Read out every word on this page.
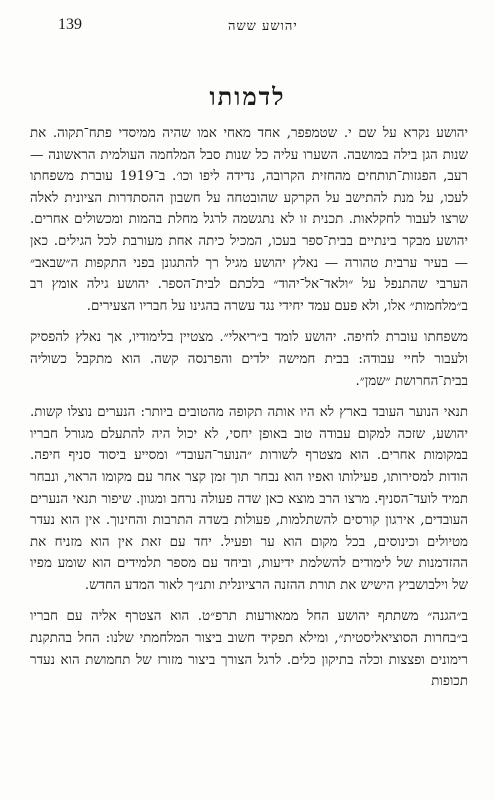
139	יהושע ששה
לדמותו

יהושע נקרא על שם י. שטמפפר, אחד מאחי אמו שהיה ממיסדי פתח־תקוה. את שנות הגן בילה במושבה. השערו עליה כל שנות סבל המלחמה העולמית הראשונה — רעב, הפגזות־תותחים מהחזית הקרובה, נדידה ליפו וכו׳. ב־1919 עוברת משפחתו לעכו, על מנת להתישב על הקרקע שהובטחה על חשבון ההסתדרות הציונית לאלה שרצו לעבור לחקלאות. תכנית זו לא נתגשמה לרגל מחלת בהמות ומכשולים אחרים. יהושע מבקר בינתיים בבית־ספר בעכו, המכיל כיתה אחת מעורבת לכל הגילים. כאן — בעיר ערבית טהורה — נאלץ יהושע מגיל רך להתגונן בפני התקפות ה״שבאב״ הערבי שהתנפל על ״ולאד־אל־יהוד״ בלכתם לבית־הספר. יהושע גילה אומץ רב ב״מלחמות״ אלו, ולא פעם עמד יחידי נגד עשרה בהגינו על חבריו הצעירים.

משפחתו עוברת לחיפה. יהושע לומד ב״ריאלי״. מצטיין בלימודיו, אך נאלץ להפסיק ולעבור לחיי עבודה: בבית חמישה ילדים והפרנסה קשה. הוא מתקבל כשוליה בבית־החרושת ״שמן״.

תנאי הנוער העובד בארץ לא היו אותה תקופה מהטובים ביותר: הנערים נוצלו קשות. יהושע, שזכה למקום עבודה טוב באופן יחסי, לא יכול היה להתעלם מגורל חבריו במקומות אחרים. הוא מצטרף לשורות ״הנוער־העובד״ ומסייע ביסוד סניף חיפה. הודות למסירותו, פעילותו ואפיו הוא נבחר תוך זמן קצר אחר עם מקומו הראוי, ונבחר תמיד לועד־הסניף. מרצו הרב מוצא כאן שדה פעולה נרחב ומגוון. שיפור תנאי הנערים העובדים, אירגון קורסים להשתלמות, פעולות בשדה התרבות והחינוך. אין הוא נעדר מטיולים וכינוסים, בכל מקום הוא ער ופעיל. יחד עם זאת אין הוא מזניח את ההזדמנות של לימודים להשלמת ידיעות, וביחד עם מספר תלמידים הוא שומע מפיו של וילבושביץ הישיש את תורת ההזנה הרציונלית ותנ״ך לאור המדע החדש.

ב״הגנה״ משתתף יהושע החל ממאורעות תרפ״ט. הוא הצטרף אליה עם חבריו ב״בחרות הסוציאליסטית״, ומילא תפקיד חשוב ביצור המלחמתי שלנו: החל בהתקנת רימונים ופצצות וכלה בתיקון כלים. לרגל הצורך ביצור מזורז של תחמושת הוא נעדר תכופות
